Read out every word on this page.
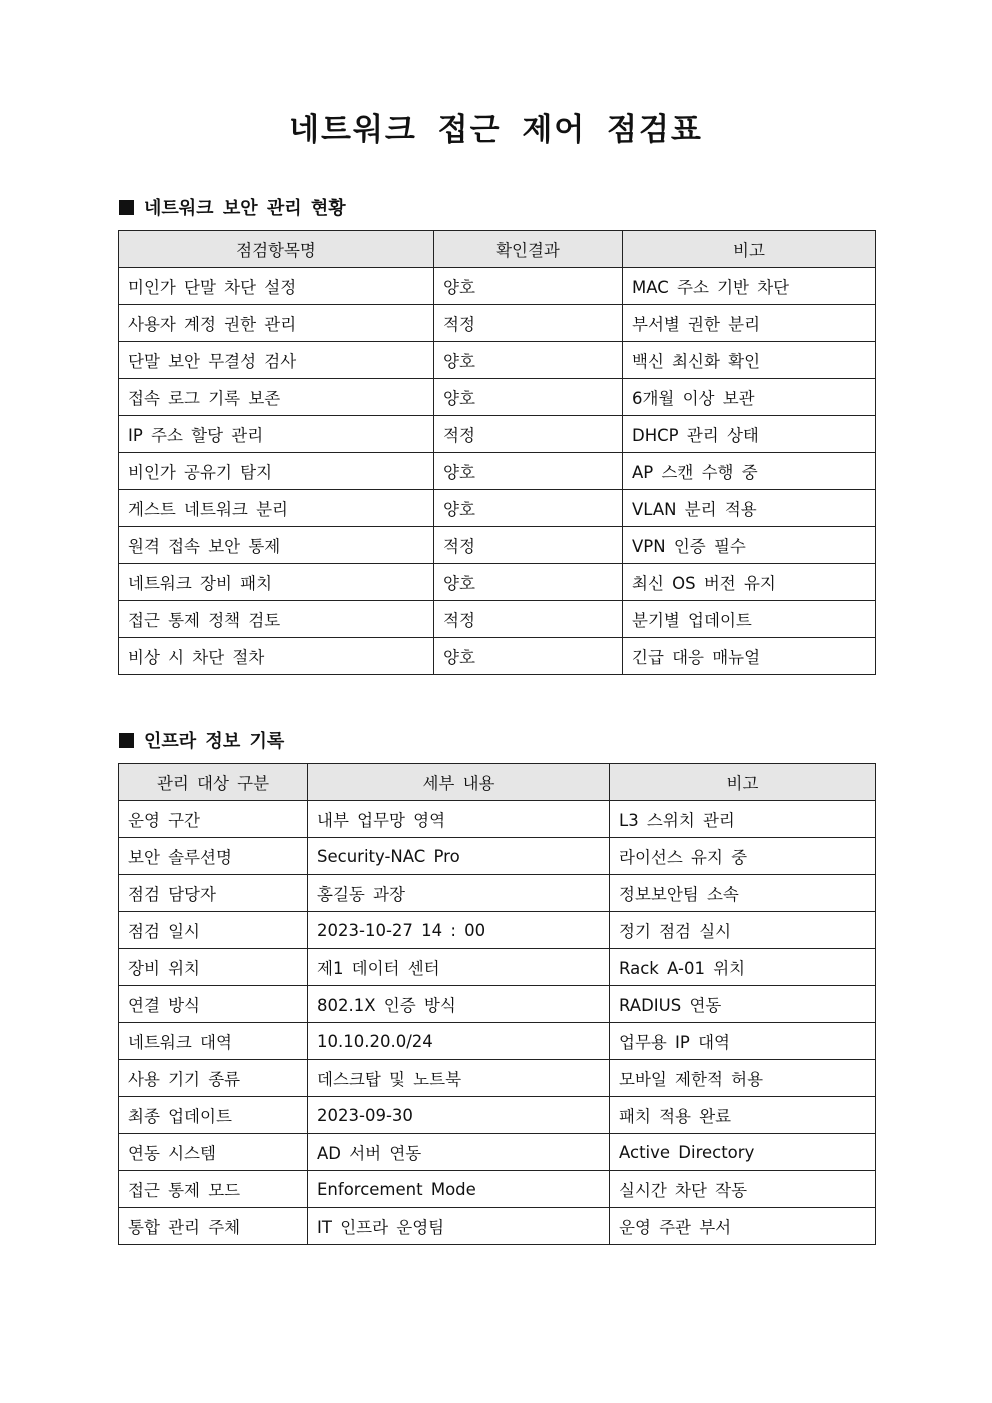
네트워크 접근 제어 점검표
네트워크 보안 관리 현황
점검항목명	확인결과	비고
미인가 단말 차단 설정	양호	MAC 주소 기반 차단
사용자 계정 권한 관리	적정	부서별 권한 분리
단말 보안 무결성 검사	양호	백신 최신화 확인
접속 로그 기록 보존	양호	6개월 이상 보관
IP 주소 할당 관리	적정	DHCP 관리 상태
비인가 공유기 탐지	양호	AP 스캔 수행 중
게스트 네트워크 분리	양호	VLAN 분리 적용
원격 접속 보안 통제	적정	VPN 인증 필수
네트워크 장비 패치	양호	최신 OS 버전 유지
접근 통제 정책 검토	적정	분기별 업데이트
비상 시 차단 절차	양호	긴급 대응 매뉴얼
인프라 정보 기록
관리 대상 구분	세부 내용	비고
운영 구간	내부 업무망 영역	L3 스위치 관리
보안 솔루션명	Security-NAC Pro	라이선스 유지 중
점검 담당자	홍길동 과장	정보보안팀 소속
점검 일시	2023-10-27 14 : 00	정기 점검 실시
장비 위치	제1 데이터 센터	Rack A-01 위치
연결 방식	802.1X 인증 방식	RADIUS 연동
네트워크 대역	10.10.20.0/24	업무용 IP 대역
사용 기기 종류	데스크탑 및 노트북	모바일 제한적 허용
최종 업데이트	2023-09-30	패치 적용 완료
연동 시스템	AD 서버 연동	Active Directory
접근 통제 모드	Enforcement Mode	실시간 차단 작동
통합 관리 주체	IT 인프라 운영팀	운영 주관 부서
